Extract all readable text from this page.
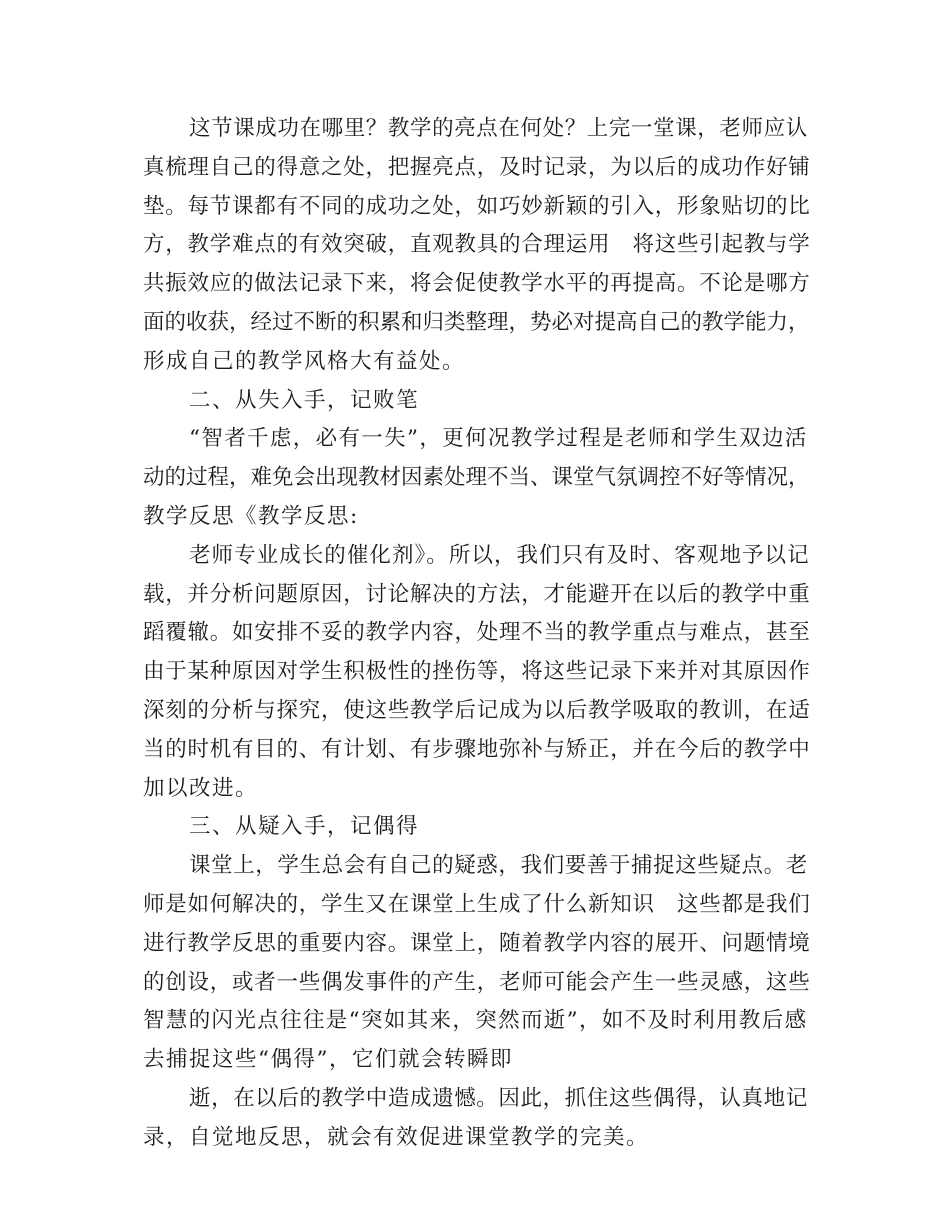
这节课成功在哪里？教学的亮点在何处？上完一堂课，老师应认
真梳理自己的得意之处，把握亮点，及时记录，为以后的成功作好铺
垫。每节课都有不同的成功之处，如巧妙新颖的引入，形象贴切的比
方，教学难点的有效突破，直观教具的合理运用　将这些引起教与学
共振效应的做法记录下来，将会促使教学水平的再提高。不论是哪方
面的收获，经过不断的积累和归类整理，势必对提高自己的教学能力，
形成自己的教学风格大有益处。
二、从失入手，记败笔
“智者千虑，必有一失”，更何况教学过程是老师和学生双边活
动的过程，难免会出现教材因素处理不当、课堂气氛调控不好等情况，
教学反思《教学反思:
老师专业成长的催化剂》。所以，我们只有及时、客观地予以记
载，并分析问题原因，讨论解决的方法，才能避开在以后的教学中重
蹈覆辙。如安排不妥的教学内容，处理不当的教学重点与难点，甚至
由于某种原因对学生积极性的挫伤等，将这些记录下来并对其原因作
深刻的分析与探究，使这些教学后记成为以后教学吸取的教训，在适
当的时机有目的、有计划、有步骤地弥补与矫正，并在今后的教学中
加以改进。
三、从疑入手，记偶得
课堂上，学生总会有自己的疑惑，我们要善于捕捉这些疑点。老
师是如何解决的，学生又在课堂上生成了什么新知识　这些都是我们
进行教学反思的重要内容。课堂上，随着教学内容的展开、问题情境
的创设，或者一些偶发事件的产生，老师可能会产生一些灵感，这些
智慧的闪光点往往是“突如其来，突然而逝”，如不及时利用教后感
去捕捉这些“偶得”，它们就会转瞬即
逝，在以后的教学中造成遗憾。因此，抓住这些偶得，认真地记
录，自觉地反思，就会有效促进课堂教学的完美。
